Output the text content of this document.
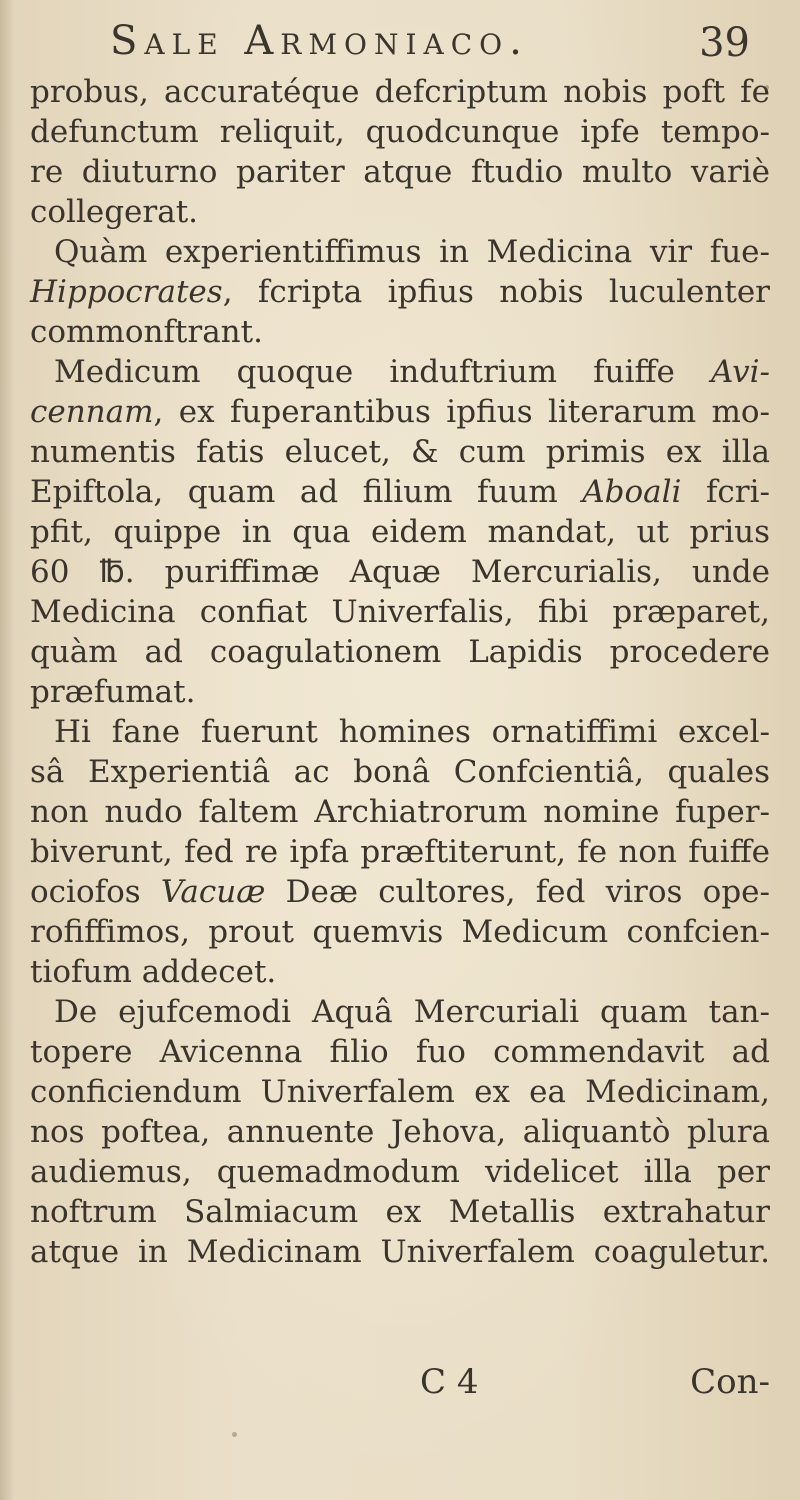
Sale Armoniaco.	39
probus, accuratéque defcriptum nobis poft fe
defunctum reliquit, quodcunque ipfe tempo-
re diuturno pariter atque ftudio multo variè
collegerat.
Quàm experientiffimus in Medicina vir fue-
Hippocrates, fcripta ipfius nobis luculenter
commonftrant.
Medicum quoque induftrium fuiffe Avi-
cennam, ex fuperantibus ipfius literarum mo-
numentis fatis elucet, & cum primis ex illa
Epiftola, quam ad filium fuum Aboali fcri-
pfit, quippe in qua eidem mandat, ut prius
60 ℔. puriffimæ Aquæ Mercurialis, unde
Medicina confiat Univerfalis, fibi præparet,
quàm ad coagulationem Lapidis procedere
præfumat.
Hi fane fuerunt homines ornatiffimi excel-
sâ Experientiâ ac bonâ Confcientiâ, quales
non nudo faltem Archiatrorum nomine fuper-
biverunt, fed re ipfa præftiterunt, fe non fuiffe
ociofos Vacuæ Deæ cultores, fed viros ope-
rofiffimos, prout quemvis Medicum confcien-
tiofum addecet.
De ejufcemodi Aquâ Mercuriali quam tan-
topere Avicenna filio fuo commendavit ad
conficiendum Univerfalem ex ea Medicinam,
nos poftea, annuente Jehova, aliquantò plura
audiemus, quemadmodum videlicet illa per
noftrum Salmiacum ex Metallis extrahatur
atque in Medicinam Univerfalem coaguletur.
C 4	Con-
